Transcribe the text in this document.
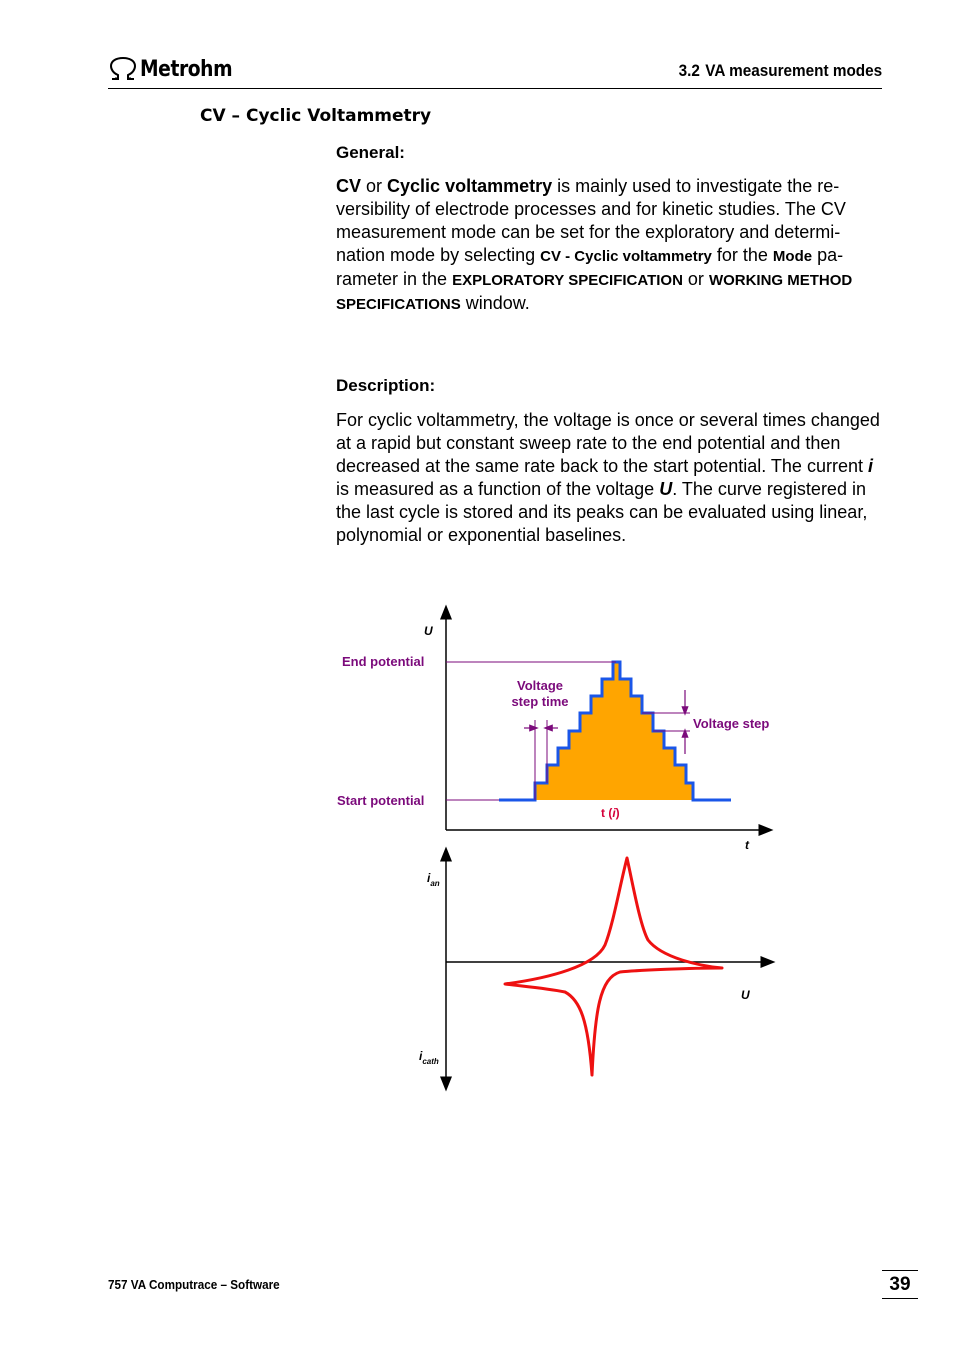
Metrohm	3.2 VA measurement modes
CV – Cyclic Voltammetry
General:
CV or Cyclic voltammetry is mainly used to investigate the re-versibility of electrode processes and for kinetic studies. The CV measurement mode can be set for the exploratory and determi-nation mode by selecting CV - Cyclic voltammetry for the Mode pa-rameter in the EXPLORATORY SPECIFICATION or WORKING METHOD SPECIFICATIONS window.
Description:
For cyclic voltammetry, the voltage is once or several times changed at a rapid but constant sweep rate to the end potential and then decreased at the same rate back to the start potential. The current i is measured as a function of the voltage U. The curve registered in the last cycle is stored and its peaks can be evaluated using linear, polynomial or exponential baselines.
U
t
End potential
Start potential
Voltage
step time
Voltage step
t (i)
$i_{an}$
$i_{cath}$
U
757 VA Computrace – Software	39
